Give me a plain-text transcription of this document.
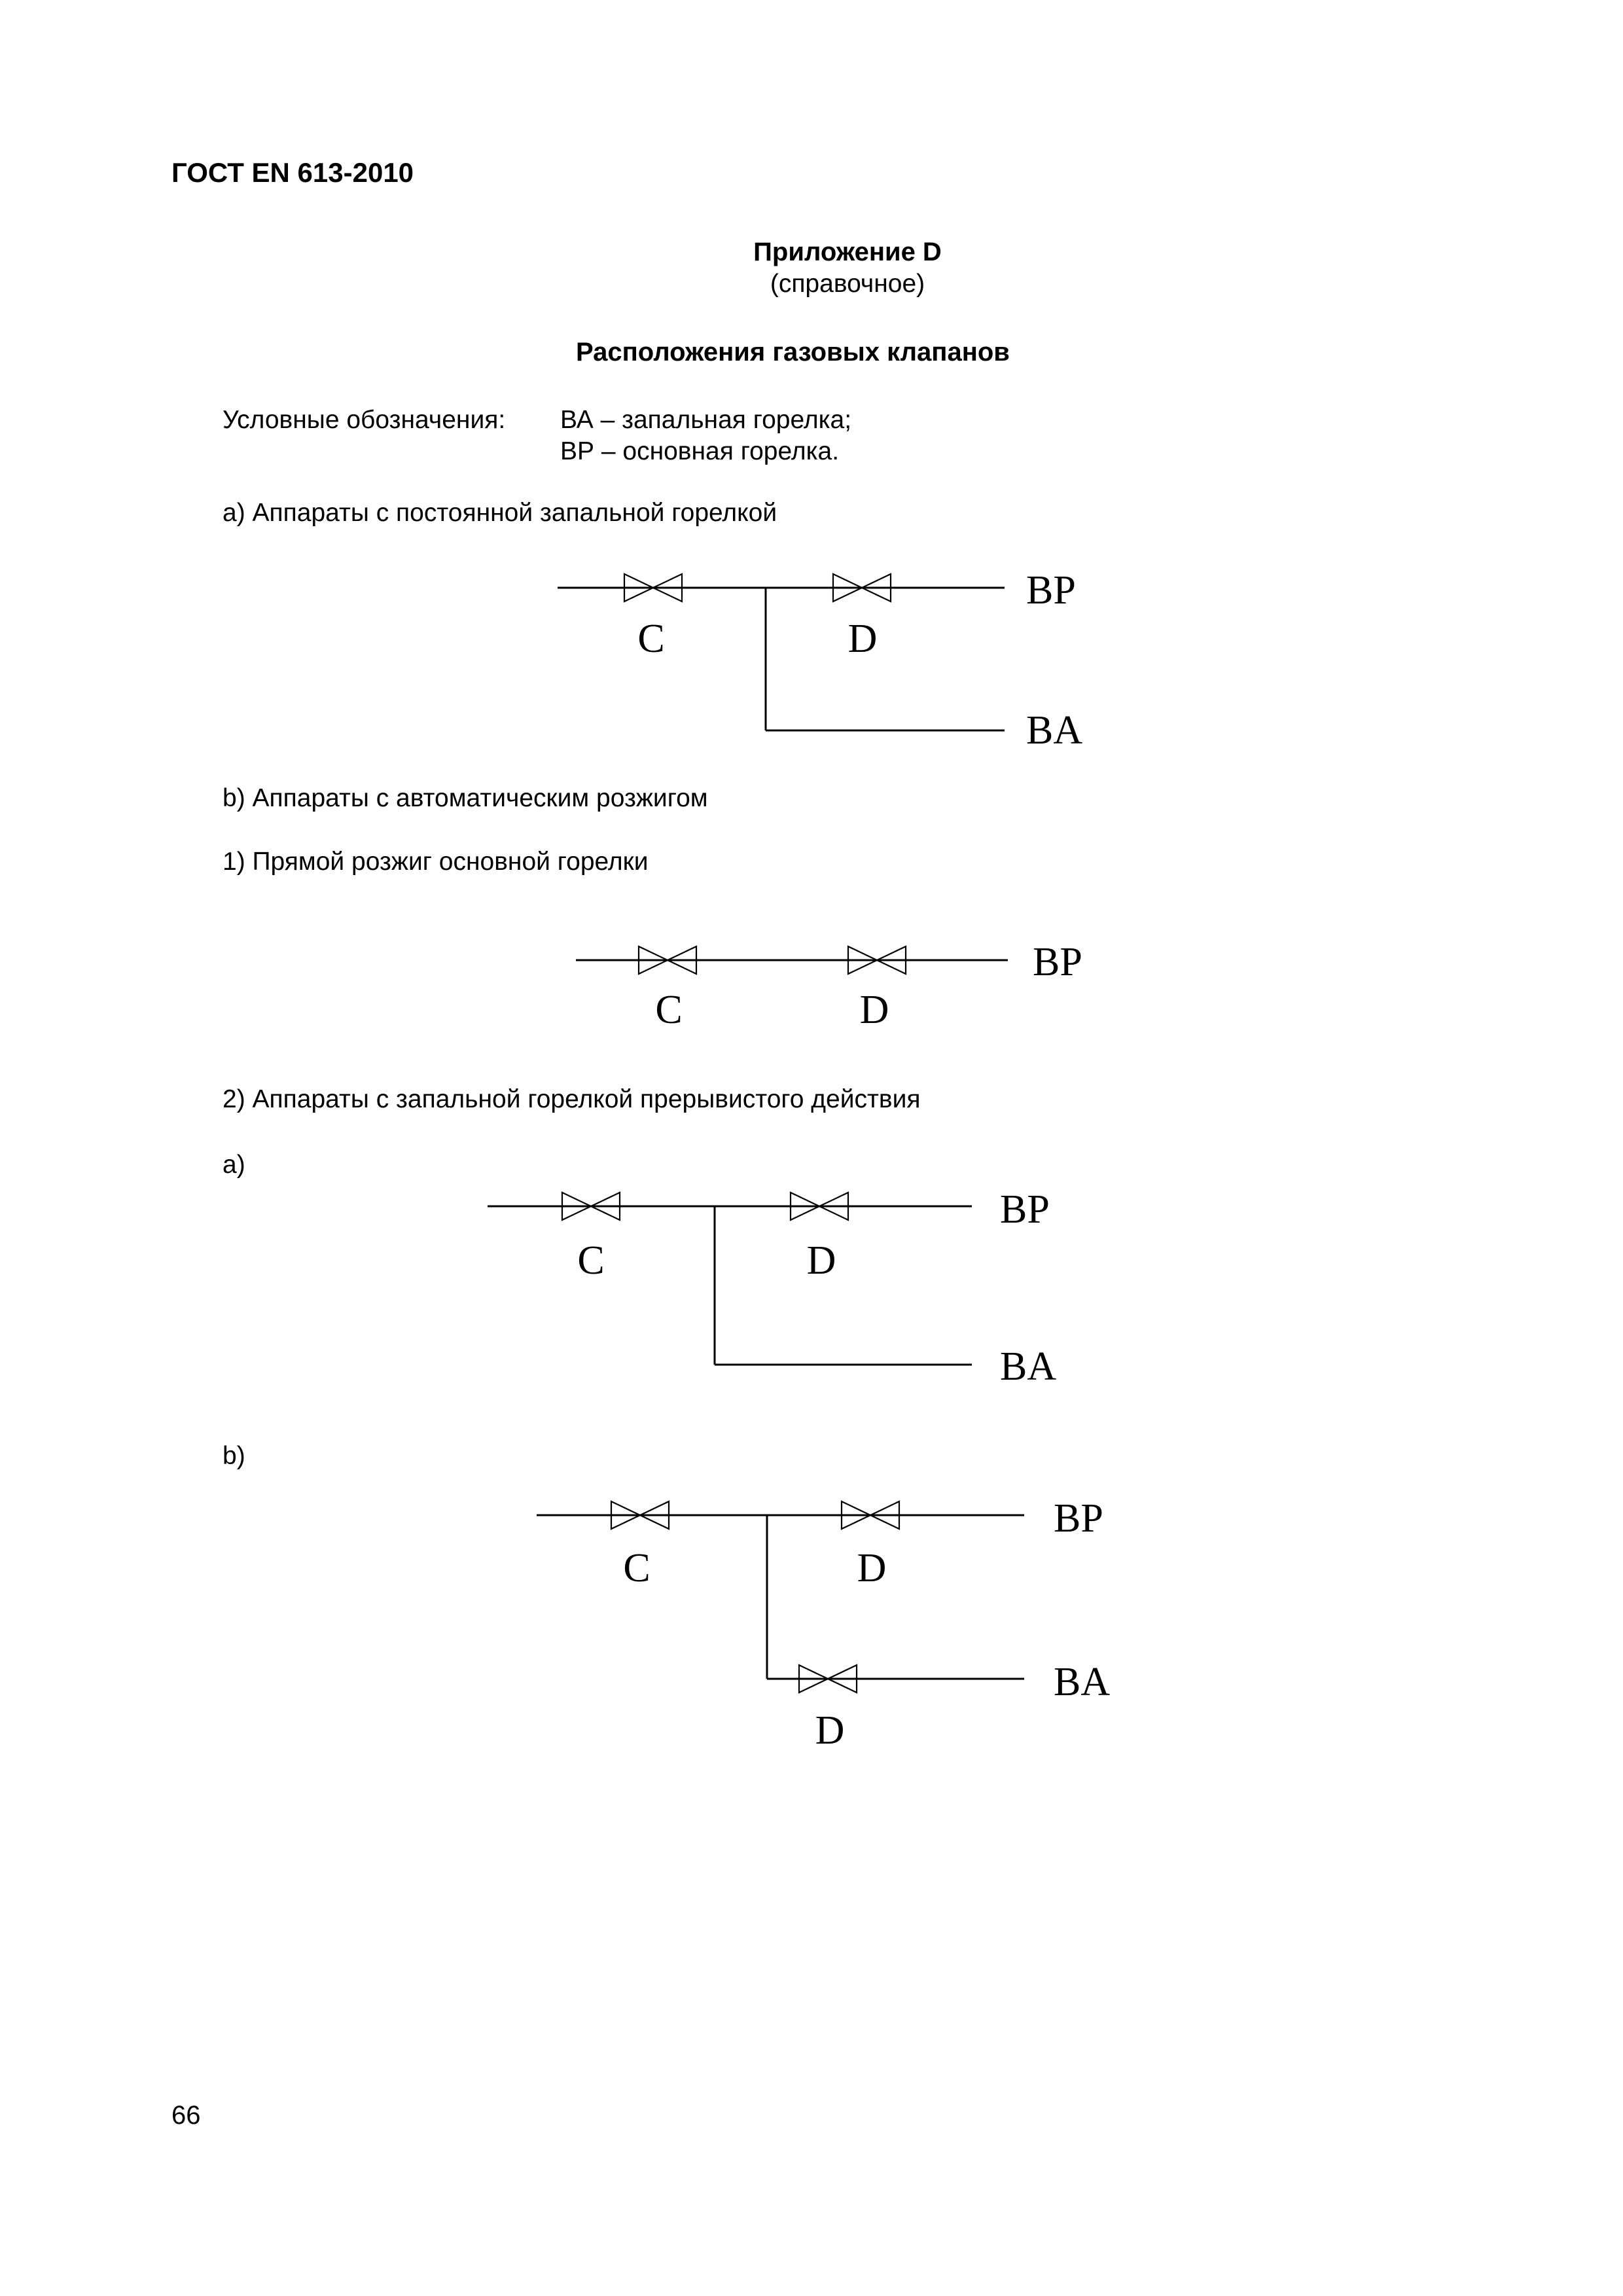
ГОСТ EN 613-2010
Приложение D
(справочное)
Расположения газовых клапанов
Условные обозначения: ВА – запальная горелка;
ВР – основная горелка.
а) Аппараты с постоянной запальной горелкой
b) Аппараты с автоматическим розжигом
1) Прямой розжиг основной горелки
2) Аппараты с запальной горелкой прерывистого действия
а)
b)
C	D
BP
BA
C	D
BP
C	D
BP
BA
C	D
D
BP
BA
66
